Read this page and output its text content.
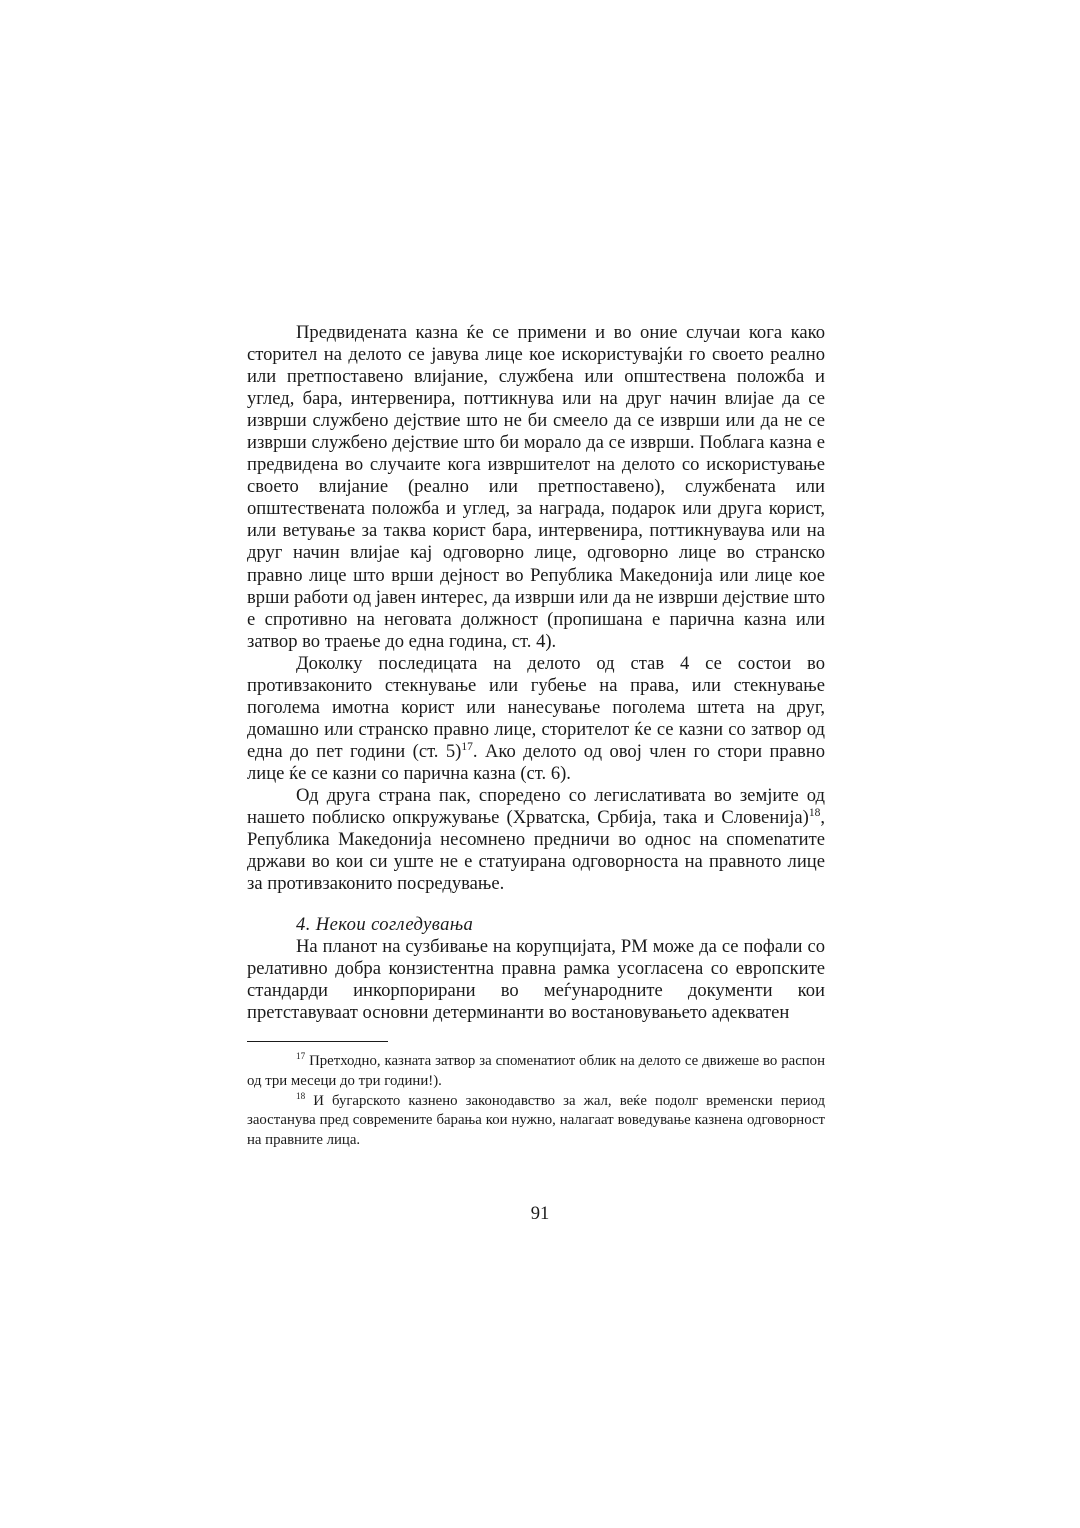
Предвидената казна ќе се примени и во оние случаи кога како сторител на делото се јавува лице кое искористувајќи го своето реално или претпоставено влијание, службена или општествена положба и углед, бара, интервенира, поттикнува или на друг начин влијае да се изврши службено дејствие што не би смеело да се изврши или да не се изврши службено дејствие што би морало да се изврши. Поблага казна е предвидена во случаите кога извршителот на делото со искористување своето влијание (реално или претпоставено), службената или општествената положба и углед, за награда, подарок или друга корист, или ветување за таква корист бара, интервенира, поттикнуваува или на друг начин влијае кај одговорно лице, одговорно лице во странско правно лице што врши дејност во Република Македонија или лице кое врши работи од јавен интерес, да изврши или да не изврши дејствие што е спротивно на неговата должност (пропишана е парична казна или затвор во траење до една година, ст. 4).

Доколку последицата на делото од став 4 се состои во противзаконито стекнување или губење на права, или стекнување поголема имотна корист или нанесување поголема штета на друг, домашно или странско правно лице, сторителот ќе се казни со затвор од една до пет години (ст. 5)$^{17}$. Ако делото од овој член го стори правно лице ќе се казни со парична казна (ст. 6).

Од друга страна пак, споредено со легислативата во земјите од нашето поблиско опкружување (Хрватска, Србија, така и Словенија)$^{18}$, Република Македонија несомнено предничи во однос на спомenатите држави во кои си уште не е статуирана одговорноста на правното лице за противзаконито посредување.

4. Некои согледувања

На планот на сузбивање на корупцијата, РМ може да се пофали со релативно добра конзистентна правна рамка усогласена со европските стандарди инкорпорирани во меѓународните документи кои претставуваат основни детерминанти во востановувањето адекватен

$^{17}$ Претходно, казната затвор за споменатиот облик на делото се движеше во распон од три месеци до три години!).

$^{18}$ И бугарското казнено законодавство за жал, веќе подолг временски период заостанува пред современите барања кои нужно, налагаат воведување казнена одговорност на правните лица.

91
